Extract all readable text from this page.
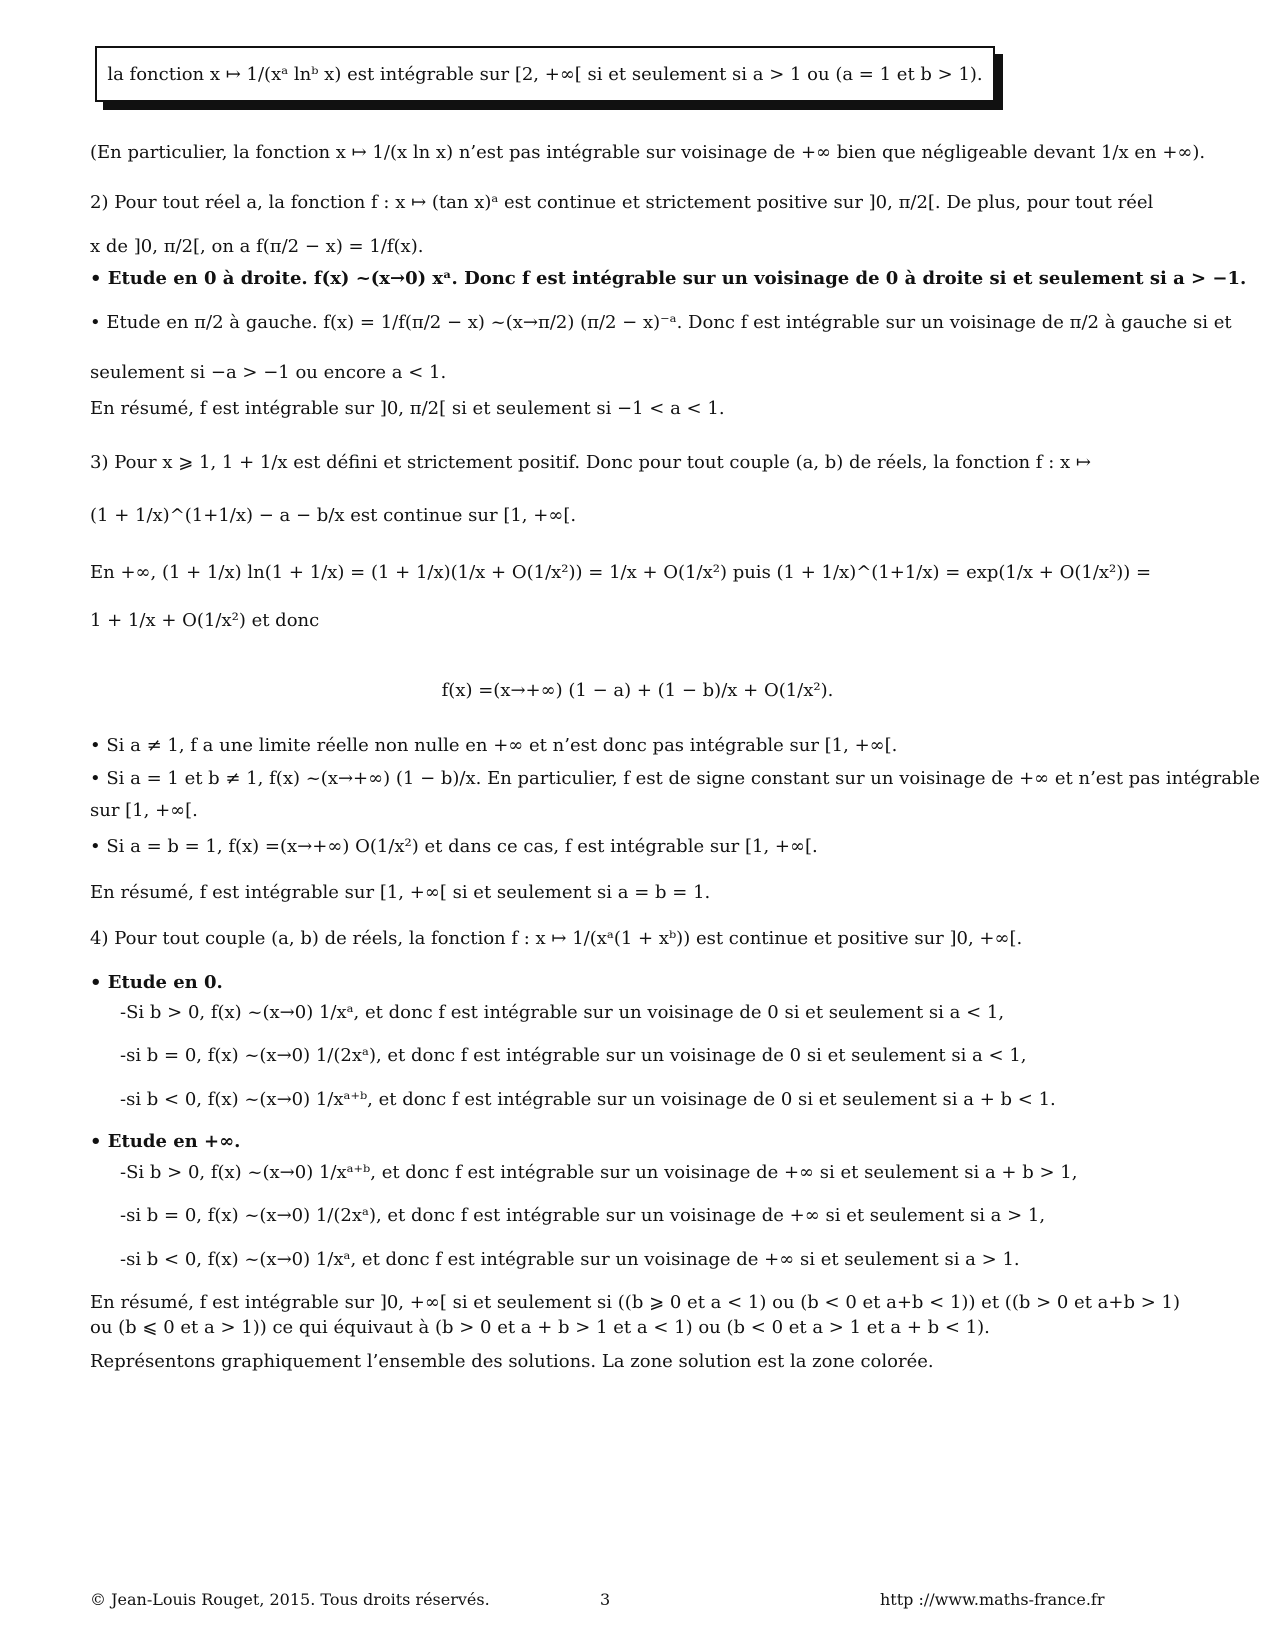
la fonction x ↦ 1/(xᵃ lnᵇ x) est intégrable sur [2, +∞[ si et seulement si a > 1 ou (a = 1 et b > 1).
(En particulier, la fonction x ↦ 1/(x ln x) n’est pas intégrable sur voisinage de +∞ bien que négligeable devant 1/x en +∞).
2) Pour tout réel a, la fonction f : x ↦ (tan x)ᵃ est continue et strictement positive sur ]0, π/2[. De plus, pour tout réel
x de ]0, π/2[, on a f(π/2 − x) = 1/f(x).
• Etude en 0 à droite. f(x) ~(x→0) xᵃ. Donc f est intégrable sur un voisinage de 0 à droite si et seulement si a > −1.
• Etude en π/2 à gauche. f(x) = 1/f(π/2 − x) ~(x→π/2) (π/2 − x)⁻ᵃ. Donc f est intégrable sur un voisinage de π/2 à gauche si et
seulement si −a > −1 ou encore a < 1.
En résumé, f est intégrable sur ]0, π/2[ si et seulement si −1 < a < 1.
3) Pour x ⩾ 1, 1 + 1/x est défini et strictement positif. Donc pour tout couple (a, b) de réels, la fonction f : x ↦
(1 + 1/x)^(1+1/x) − a − b/x est continue sur [1, +∞[.
En +∞, (1 + 1/x) ln(1 + 1/x) = (1 + 1/x)(1/x + O(1/x²)) = 1/x + O(1/x²) puis (1 + 1/x)^(1+1/x) = exp(1/x + O(1/x²)) =
1 + 1/x + O(1/x²) et donc
f(x) =(x→+∞) (1 − a) + (1 − b)/x + O(1/x²).
• Si a ≠ 1, f a une limite réelle non nulle en +∞ et n’est donc pas intégrable sur [1, +∞[.
• Si a = 1 et b ≠ 1, f(x) ~(x→+∞) (1 − b)/x. En particulier, f est de signe constant sur un voisinage de +∞ et n’est pas intégrable
sur [1, +∞[.
• Si a = b = 1, f(x) =(x→+∞) O(1/x²) et dans ce cas, f est intégrable sur [1, +∞[.
En résumé, f est intégrable sur [1, +∞[ si et seulement si a = b = 1.
4) Pour tout couple (a, b) de réels, la fonction f : x ↦ 1/(xᵃ(1 + xᵇ)) est continue et positive sur ]0, +∞[.
• Etude en 0.
-Si b > 0, f(x) ~(x→0) 1/xᵃ, et donc f est intégrable sur un voisinage de 0 si et seulement si a < 1,
-si b = 0, f(x) ~(x→0) 1/(2xᵃ), et donc f est intégrable sur un voisinage de 0 si et seulement si a < 1,
-si b < 0, f(x) ~(x→0) 1/xᵃ⁺ᵇ, et donc f est intégrable sur un voisinage de 0 si et seulement si a + b < 1.
• Etude en +∞.
-Si b > 0, f(x) ~(x→0) 1/xᵃ⁺ᵇ, et donc f est intégrable sur un voisinage de +∞ si et seulement si a + b > 1,
-si b = 0, f(x) ~(x→0) 1/(2xᵃ), et donc f est intégrable sur un voisinage de +∞ si et seulement si a > 1,
-si b < 0, f(x) ~(x→0) 1/xᵃ, et donc f est intégrable sur un voisinage de +∞ si et seulement si a > 1.
En résumé, f est intégrable sur ]0, +∞[ si et seulement si ((b ⩾ 0 et a < 1) ou (b < 0 et a+b < 1)) et ((b > 0 et a+b > 1)
ou (b ⩽ 0 et a > 1)) ce qui équivaut à (b > 0 et a + b > 1 et a < 1) ou (b < 0 et a > 1 et a + b < 1).
Représentons graphiquement l’ensemble des solutions. La zone solution est la zone colorée.
© Jean-Louis Rouget, 2015. Tous droits réservés.	3	http ://www.maths-france.fr
